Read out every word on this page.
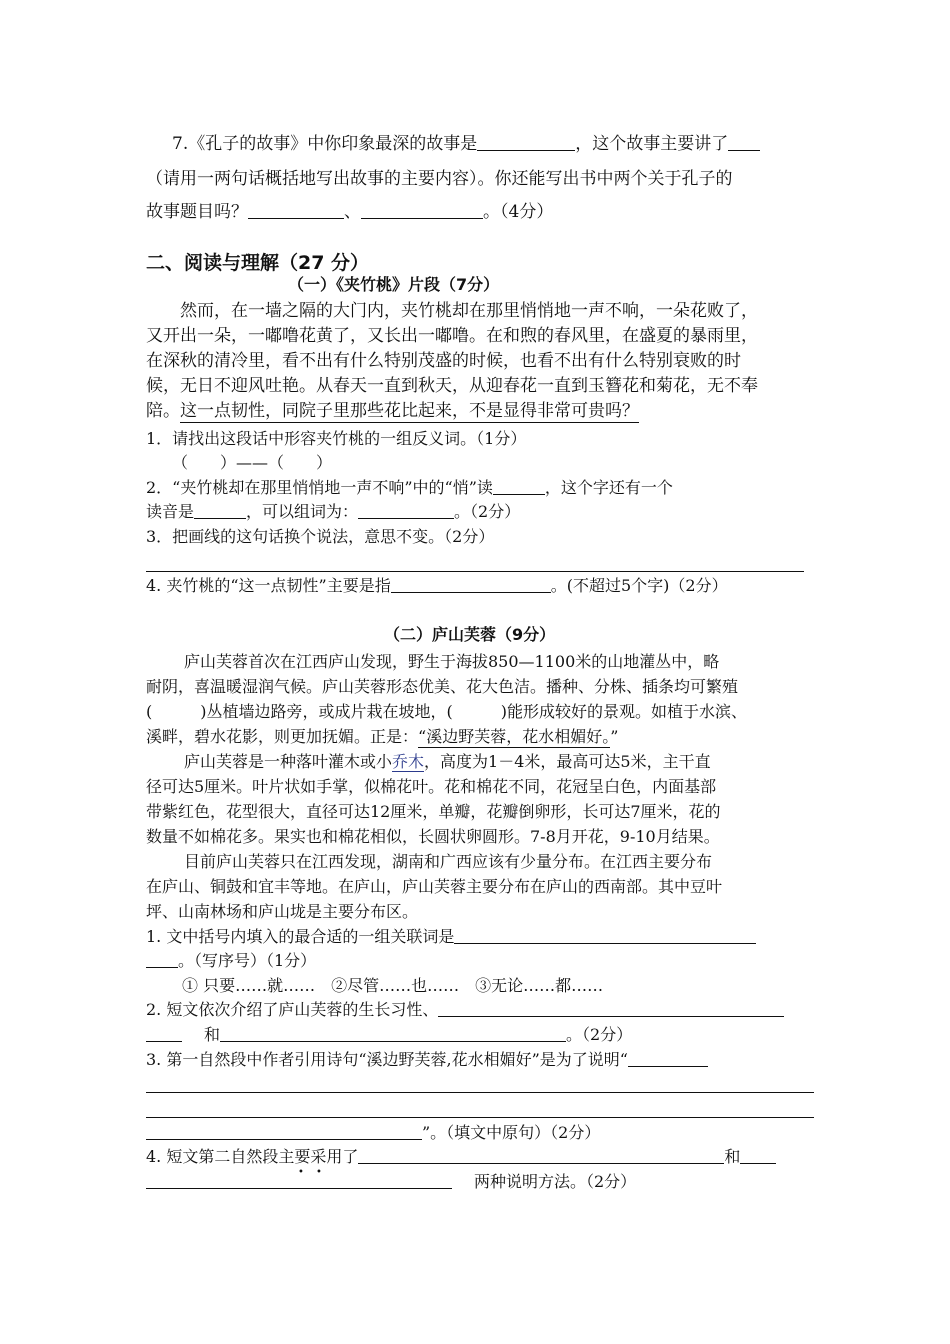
7.《孔子的故事》中你印象最深的故事是	，这个故事主要讲了
（请用一两句话概括地写出故事的主要内容）。你还能写出书中两个关于孔子的
故事题目吗？	、	。（4分）
二、阅读与理解（27 分）
（一）《夹竹桃》片段（7分）
然而，在一墙之隔的大门内，夹竹桃却在那里悄悄地一声不响，一朵花败了，
又开出一朵，一嘟噜花黄了，又长出一嘟噜。在和煦的春风里，在盛夏的暴雨里，
在深秋的清冷里，看不出有什么特别茂盛的时候，也看不出有什么特别衰败的时
候，无日不迎风吐艳。从春天一直到秋天，从迎春花一直到玉簪花和菊花，无不奉
陪。这一点韧性，同院子里那些花比起来，不是显得非常可贵吗？
1．请找出这段话中形容夹竹桃的一组反义词。（1分）
（　　）——（　　）
2．“夹竹桃却在那里悄悄地一声不响”中的“悄”读	，这个字还有一个
读音是	，可以组词为：	。（2分）
3．把画线的这句话换个说法，意思不变。（2分）
4. 夹竹桃的“这一点韧性”主要是指	。(不超过5个字)（2分）
（二）庐山芙蓉（9分）
庐山芙蓉首次在江西庐山发现，野生于海拔850—1100米的山地灌丛中，略
耐阴，喜温暖湿润气候。庐山芙蓉形态优美、花大色洁。播种、分株、插条均可繁殖
(　　　)丛植墙边路旁，或成片栽在坡地，(　　　)能形成较好的景观。如植于水滨、
溪畔，碧水花影，则更加抚媚。正是：“溪边野芙蓉，花水相媚好。”
庐山芙蓉是一种落叶灌木或小乔木，高度为1－4米，最高可达5米，主干直
径可达5厘米。叶片状如手掌，似棉花叶。花和棉花不同，花冠呈白色，内面基部
带紫红色，花型很大，直径可达12厘米，单瓣，花瓣倒卵形，长可达7厘米，花的
数量不如棉花多。果实也和棉花相似，长圆状卵圆形。7-8月开花，9-10月结果。
目前庐山芙蓉只在江西发现，湖南和广西应该有少量分布。在江西主要分布
在庐山、铜鼓和宜丰等地。在庐山，庐山芙蓉主要分布在庐山的西南部。其中豆叶
坪、山南林场和庐山垅是主要分布区。
1. 文中括号内填入的最合适的一组关联词是
。（写序号）（1分）
① 只要……就……　②尽管……也……　③无论……都……
2. 短文依次介绍了庐山芙蓉的生长习性、
和	。（2分）
3. 第一自然段中作者引用诗句“溪边野芙蓉,花水相媚好”是为了说明“
”。（填文中原句）（2分）
4. 短文第二自然段主要采用了	和
• •	两种说明方法。（2分）
